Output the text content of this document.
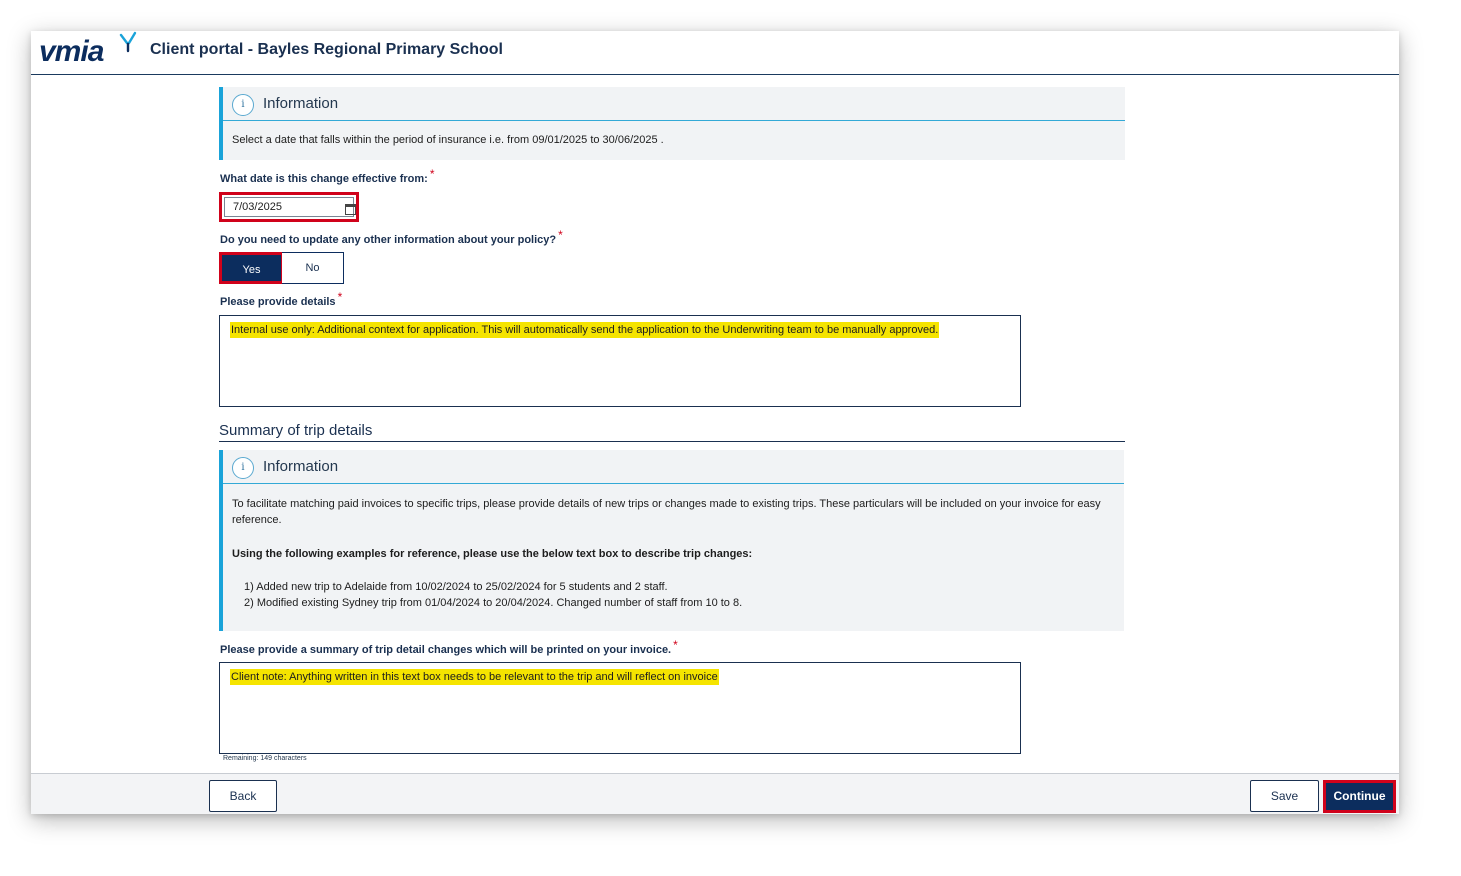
vmia	Client portal - Bayles Regional Primary School
i	Information
Select a date that falls within the period of insurance i.e. from 09/01/2025 to 30/06/2025 .
What date is this change effective from: *
7/03/2025
Do you need to update any other information about your policy? *
Yes	No
Please provide details *
Internal use only: Additional context for application. This will automatically send the application to the Underwriting team to be manually approved.
Summary of trip details
i	Information
To facilitate matching paid invoices to specific trips, please provide details of new trips or changes made to existing trips. These particulars will be included on your invoice for easy reference.
Using the following examples for reference, please use the below text box to describe trip changes:
1) Added new trip to Adelaide from 10/02/2024 to 25/02/2024 for 5 students and 2 staff.
2) Modified existing Sydney trip from 01/04/2024 to 20/04/2024. Changed number of staff from 10 to 8.
Please provide a summary of trip detail changes which will be printed on your invoice. *
Client note: Anything written in this text box needs to be relevant to the trip and will reflect on invoice
Remaining: 149 characters
Back	Save	Continue
